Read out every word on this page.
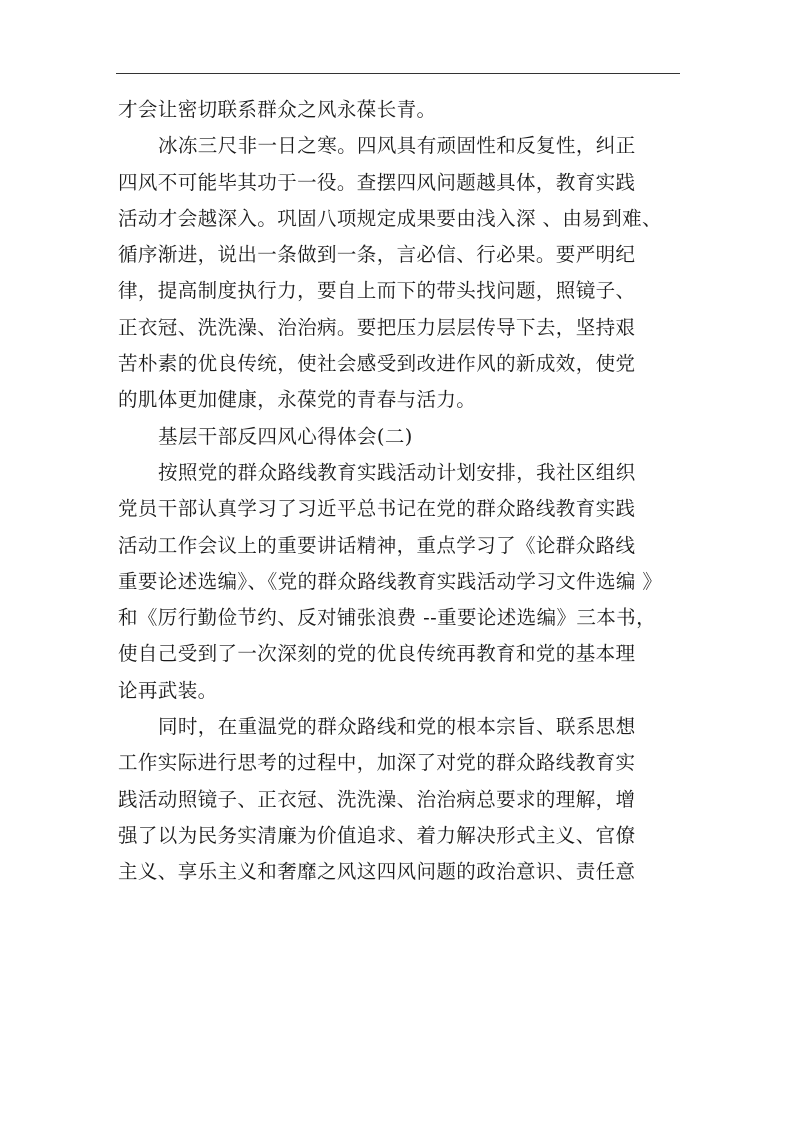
才会让密切联系群众之风永葆长青。
冰冻三尺非一日之寒。四风具有顽固性和反复性，纠正
四风不可能毕其功于一役。查摆四风问题越具体，教育实践
活动才会越深入。巩固八项规定成果要由浅入深 、由易到难、
循序渐进，说出一条做到一条，言必信、行必果。要严明纪
律，提高制度执行力，要自上而下的带头找问题，照镜子、
正衣冠、洗洗澡、治治病。要把压力层层传导下去，坚持艰
苦朴素的优良传统，使社会感受到改进作风的新成效，使党
的肌体更加健康，永葆党的青春与活力。
基层干部反四风心得体会(二)
按照党的群众路线教育实践活动计划安排，我社区组织
党员干部认真学习了习近平总书记在党的群众路线教育实践
活动工作会议上的重要讲话精神，重点学习了《论群众路线
重要论述选编》、《党的群众路线教育实践活动学习文件选编 》
和《厉行勤俭节约、反对铺张浪费 --重要论述选编》三本书，
使自己受到了一次深刻的党的优良传统再教育和党的基本理
论再武装。
同时，在重温党的群众路线和党的根本宗旨、联系思想
工作实际进行思考的过程中，加深了对党的群众路线教育实
践活动照镜子、正衣冠、洗洗澡、治治病总要求的理解，增
强了以为民务实清廉为价值追求、着力解决形式主义、官僚
主义、享乐主义和奢靡之风这四风问题的政治意识、责任意
